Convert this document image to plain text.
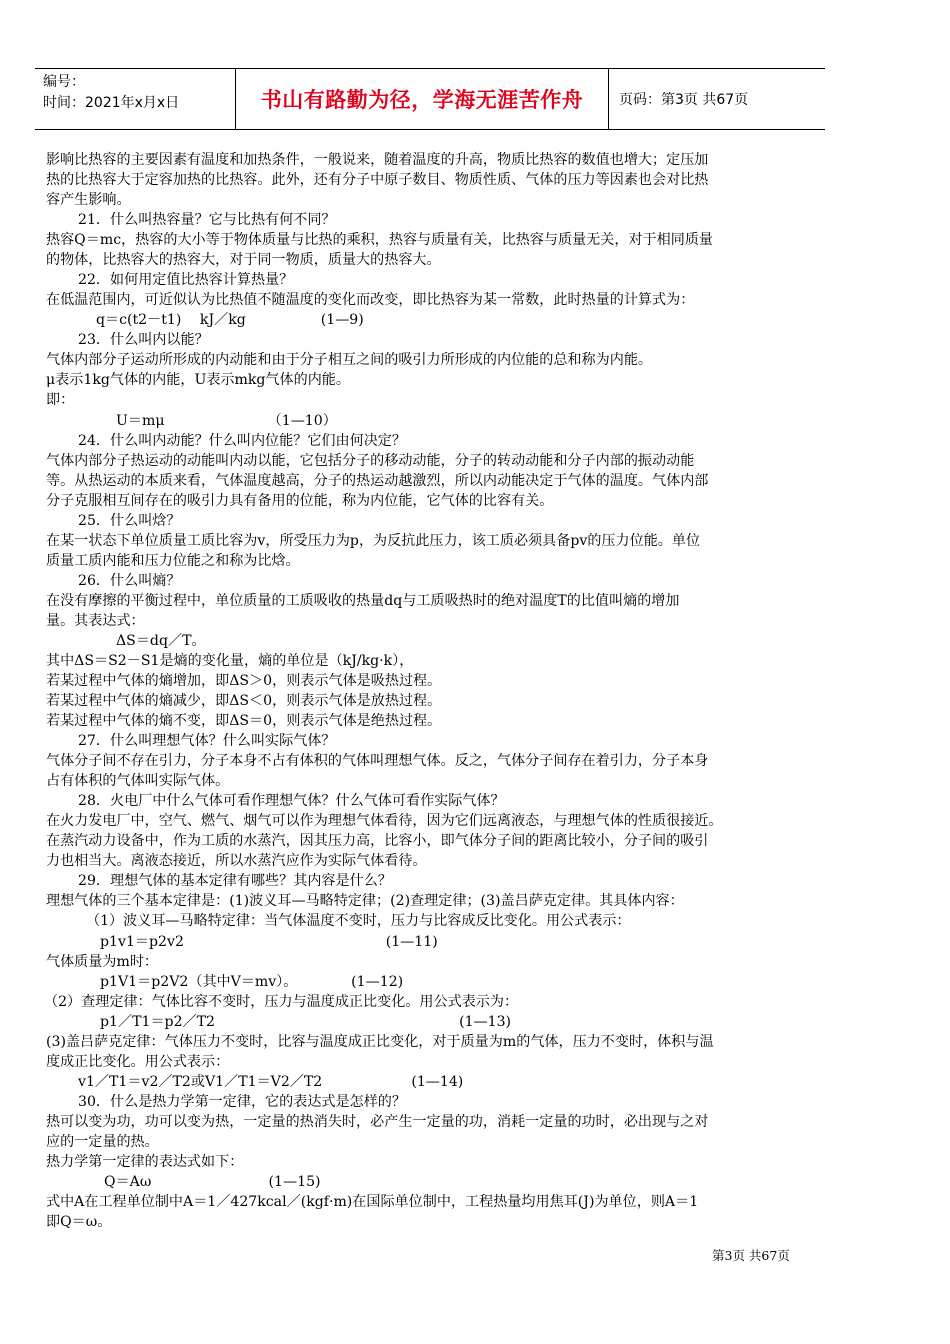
编号：
时间：2021年x月x日	书山有路勤为径，学海无涯苦作舟	页码：第3页 共67页
影响比热容的主要因素有温度和加热条件，一般说来，随着温度的升高，物质比热容的数值也增大；定压加
热的比热容大于定容加热的比热容。此外，还有分子中原子数目、物质性质、气体的压力等因素也会对比热
容产生影响。
21．什么叫热容量？它与比热有何不同？
热容Q＝mc，热容的大小等于物体质量与比热的乘积，热容与质量有关，比热容与质量无关，对于相同质量
的物体，比热容大的热容大，对于同一物质，质量大的热容大。
22．如何用定值比热容计算热量？
在低温范围内，可近似认为比热值不随温度的变化而改变，即比热容为某一常数，此时热量的计算式为：
q＝c(t2－t1)　 kJ／kg　　　　　 (1—9)
23．什么叫内以能？
气体内部分子运动所形成的内动能和由于分子相互之间的吸引力所形成的内位能的总和称为内能。
μ表示1kg气体的内能，U表示mkg气体的内能。
即：
U＝mμ　　　　　　　 （1—10）
24．什么叫内动能？什么叫内位能？它们由何决定？
气体内部分子热运动的动能叫内动以能，它包括分子的移动动能，分子的转动动能和分子内部的振动动能
等。从热运动的本质来看，气体温度越高，分子的热运动越激烈，所以内动能决定于气体的温度。气体内部
分子克服相互间存在的吸引力具有备用的位能，称为内位能，它气体的比容有关。
25．什么叫焓？
在某一状态下单位质量工质比容为v，所受压力为p，为反抗此压力，该工质必须具备pv的压力位能。单位
质量工质内能和压力位能之和称为比焓。
26．什么叫熵？
在没有摩擦的平衡过程中，单位质量的工质吸收的热量dq与工质吸热时的绝对温度T的比值叫熵的增加
量。其表达式：
ΔS＝dq／T。
其中ΔS＝S2－S1是熵的变化量，熵的单位是（kJ/kg·k），
若某过程中气体的熵增加，即ΔS＞0，则表示气体是吸热过程。
若某过程中气体的熵减少，即ΔS＜0，则表示气体是放热过程。
若某过程中气体的熵不变，即ΔS＝0，则表示气体是绝热过程。
27．什么叫理想气体？什么叫实际气体？
气体分子间不存在引力，分子本身不占有体积的气体叫理想气体。反之，气体分子间存在着引力，分子本身
占有体积的气体叫实际气体。
28．火电厂中什么气体可看作理想气体？什么气体可看作实际气体？
在火力发电厂中，空气、燃气、烟气可以作为理想气体看待，因为它们远离液态，与理想气体的性质很接近。
在蒸汽动力设备中，作为工质的水蒸汽，因其压力高，比容小，即气体分子间的距离比较小，分子间的吸引
力也相当大。离液态接近，所以水蒸汽应作为实际气体看待。
29．理想气体的基本定律有哪些？其内容是什么？
理想气体的三个基本定律是：(1)波义耳—马略特定律；(2)查理定律；(3)盖吕萨克定律。其具体内容：
（1）波义耳—马略特定律：当气体温度不变时，压力与比容成反比变化。用公式表示：
p1v1＝p2v2　　　　　　　　　　　　　　 (1—11)
气体质量为m时：
p1V1＝p2V2（其中V＝mv）。　　　　 (1—12)
（2）查理定律：气体比容不变时，压力与温度成正比变化。用公式表示为：
p1／T1＝p2／T2　　　　　　　　　　　　　　　　　 (1—13)
(3)盖吕萨克定律：气体压力不变时，比容与温度成正比变化，对于质量为m的气体，压力不变时，体积与温
度成正比变化。用公式表示：
v1／T1＝v2／T2或V1／T1＝V2／T2　　　　　　 (1—14)
30．什么是热力学第一定律，它的表达式是怎样的？
热可以变为功，功可以变为热，一定量的热消失时，必产生一定量的功，消耗一定量的功时，必出现与之对
应的一定量的热。
热力学第一定律的表达式如下：
Q＝Aω　　　　　　　　 (1—15)
式中A在工程单位制中A＝1／427kcal／(kgf·m)在国际单位制中，工程热量均用焦耳(J)为单位，则A＝1
即Q＝ω。
第3页 共67页
